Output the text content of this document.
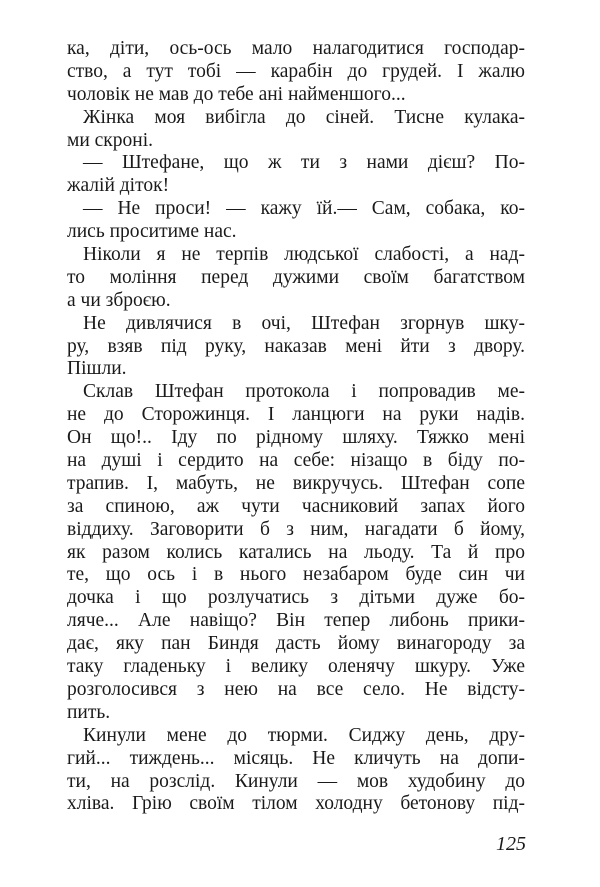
ка, діти, ось-ось мало налагодитися господар-
ство, а тут тобі — карабін до грудей. І жалю
чоловік не мав до тебе ані найменшого...
Жінка моя вибігла до сіней. Тисне кулака-
ми скроні.
— Штефане, що ж ти з нами дієш? По-
жалій діток!
— Не проси! — кажу їй.— Сам, собака, ко-
лись проситиме нас.
Ніколи я не терпів людської слабості, а над-
то моління перед дужими своїм багатством
а чи зброєю.
Не дивлячися в очі, Штефан згорнув шку-
ру, взяв під руку, наказав мені йти з двору.
Пішли.
Склав Штефан протокола і попровадив ме-
не до Сторожинця. І ланцюги на руки надів.
Он що!.. Іду по рідному шляху. Тяжко мені
на душі і сердито на себе: нізащо в біду по-
трапив. І, мабуть, не викручусь. Штефан сопе
за спиною, аж чути часниковий запах його
віддиху. Заговорити б з ним, нагадати б йому,
як разом колись катались на льоду. Та й про
те, що ось і в нього незабаром буде син чи
дочка і що розлучатись з дітьми дуже бо-
ляче... Але навіщо? Він тепер либонь прики-
дає, яку пан Биндя дасть йому винагороду за
таку гладеньку і велику оленячу шкуру. Уже
розголосився з нею на все село. Не відсту-
пить.
Кинули мене до тюрми. Сиджу день, дру-
гий... тиждень... місяць. Не кличуть на допи-
ти, на розслід. Кинули — мов худобину до
хліва. Грію своїм тілом холодну бетонову під-
125
